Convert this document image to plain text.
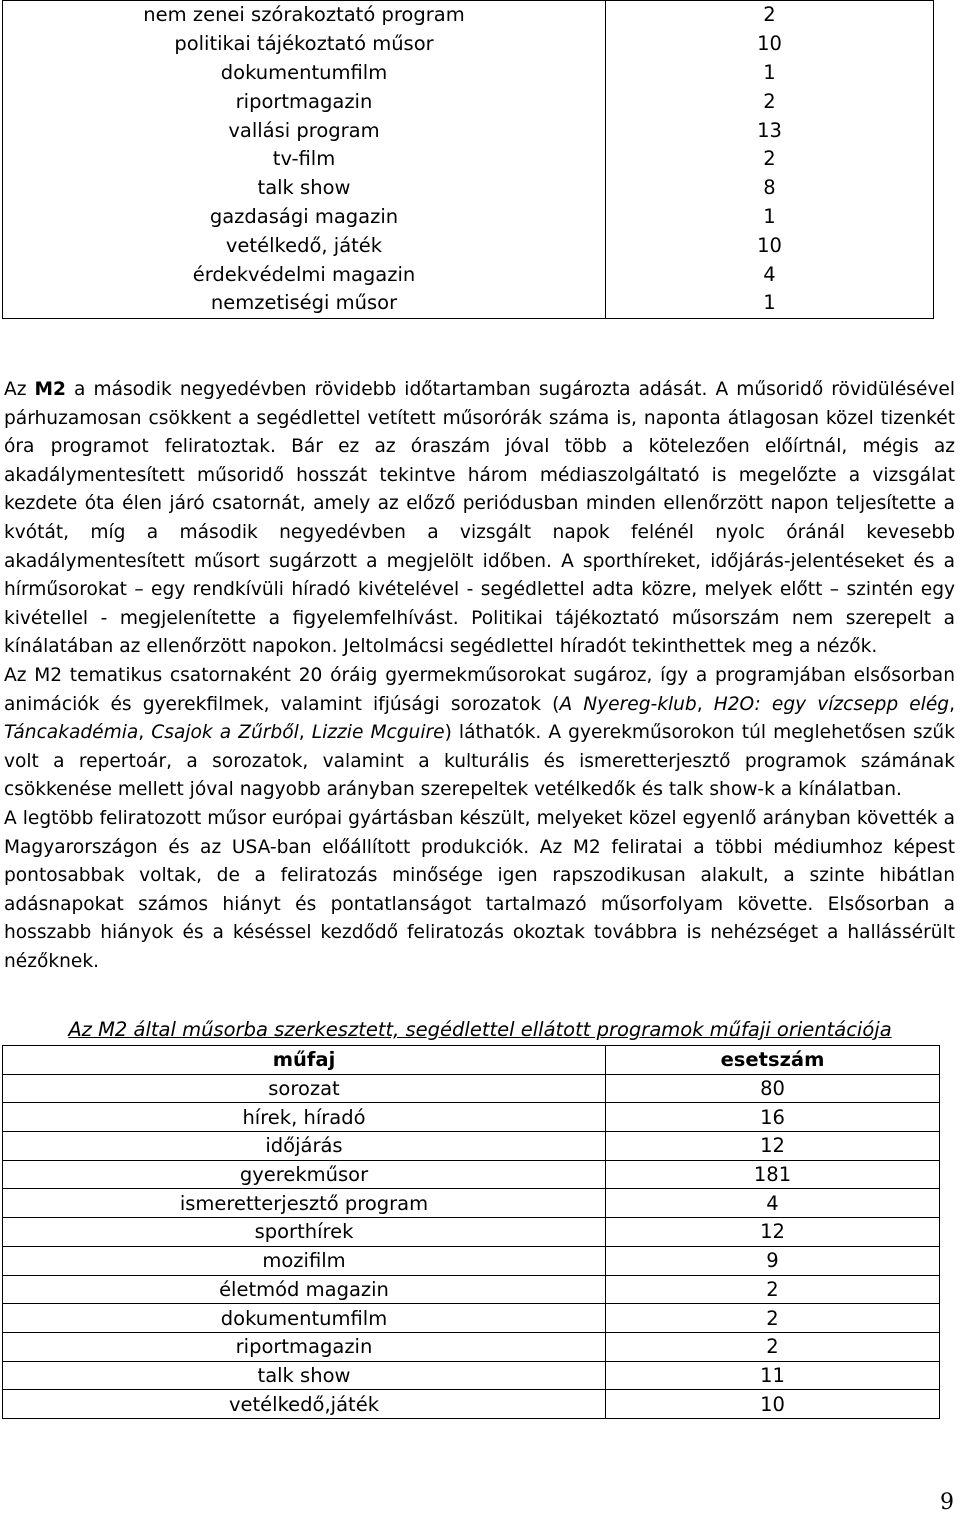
nem zenei szórakoztató program	2
politikai tájékoztató műsor	10
dokumentumfilm	1
riportmagazin	2
vallási program	13
tv-film	2
talk show	8
gazdasági magazin	1
vetélkedő, játék	10
érdekvédelmi magazin	4
nemzetiségi műsor	1

Az M2 a második negyedévben rövidebb időtartamban sugározta adását. A műsoridő rövidülésével párhuzamosan csökkent a segédlettel vetített műsorórák száma is, naponta átlagosan közel tizenkét óra programot feliratoztak. Bár ez az óraszám jóval több a kötelezően előírtnál, mégis az akadálymentesített műsoridő hosszát tekintve három médiaszolgáltató is megelőzte a vizsgálat kezdete óta élen járó csatornát, amely az előző periódusban minden ellenőrzött napon teljesítette a kvótát, míg a második negyedévben a vizsgált napok felénél nyolc óránál kevesebb akadálymentesített műsort sugárzott a megjelölt időben. A sporthíreket, időjárás-jelentéseket és a hírműsorokat – egy rendkívüli híradó kivételével - segédlettel adta közre, melyek előtt – szintén egy kivétellel - megjelenítette a figyelemfelhívást. Politikai tájékoztató műsorszám nem szerepelt a kínálatában az ellenőrzött napokon. Jeltolmácsi segédlettel híradót tekinthettek meg a nézők.

Az M2 tematikus csatornaként 20 óráig gyermekműsorokat sugároz, így a programjában elsősorban animációk és gyerekfilmek, valamint ifjúsági sorozatok (A Nyereg-klub, H2O: egy vízcsepp elég, Táncakadémia, Csajok a Zűrből, Lizzie Mcguire) láthatók. A gyerekműsorokon túl meglehetősen szűk volt a repertoár, a sorozatok, valamint a kulturális és ismeretterjesztő programok számának csökkenése mellett jóval nagyobb arányban szerepeltek vetélkedők és talk show-k a kínálatban.

A legtöbb feliratozott műsor európai gyártásban készült, melyeket közel egyenlő arányban követték a Magyarországon és az USA-ban előállított produkciók. Az M2 feliratai a többi médiumhoz képest pontosabbak voltak, de a feliratozás minősége igen rapszodikusan alakult, a szinte hibátlan adásnapokat számos hiányt és pontatlanságot tartalmazó műsorfolyam követte. Elsősorban a hosszabb hiányok és a késéssel kezdődő feliratozás okoztak továbbra is nehézséget a hallássérült nézőknek.

Az M2 által műsorba szerkesztett, segédlettel ellátott programok műfaji orientációja
műfaj	esetszám
sorozat	80
hírek, híradó	16
időjárás	12
gyerekműsor	181
ismeretterjesztő program	4
sporthírek	12
mozifilm	9
életmód magazin	2
dokumentumfilm	2
riportmagazin	2
talk show	11
vetélkedő,játék	10
9
